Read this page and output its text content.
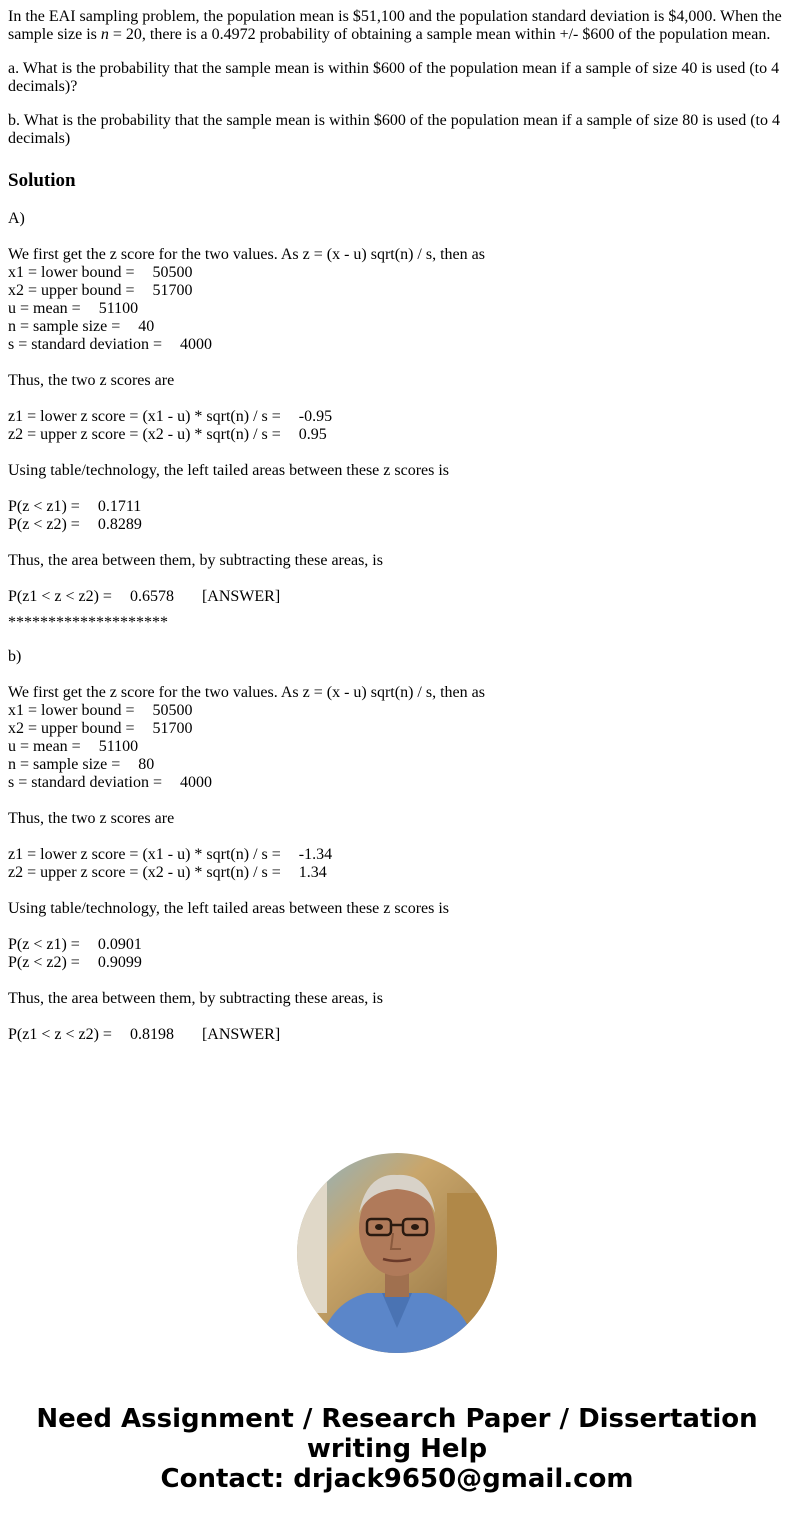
In the EAI sampling problem, the population mean is $51,100 and the population standard deviation is $4,000. When the sample size is n = 20, there is a 0.4972 probability of obtaining a sample mean within +/- $600 of the population mean.

a. What is the probability that the sample mean is within $600 of the population mean if a sample of size 40 is used (to 4 decimals)?

b. What is the probability that the sample mean is within $600 of the population mean if a sample of size 80 is used (to 4 decimals)

Solution
A)
We first get the z score for the two values. As z = (x - u) sqrt(n) / s, then as
x1 = lower bound = 50500
x2 = upper bound = 51700
u = mean = 51100
n = sample size = 40
s = standard deviation = 4000
Thus, the two z scores are
z1 = lower z score = (x1 - u) * sqrt(n) / s = -0.95
z2 = upper z score = (x2 - u) * sqrt(n) / s = 0.95
Using table/technology, the left tailed areas between these z scores is
P(z < z1) = 0.1711
P(z < z2) = 0.8289
Thus, the area between them, by subtracting these areas, is
P(z1 < z < z2) = 0.6578 [ANSWER]
********************
b)
We first get the z score for the two values. As z = (x - u) sqrt(n) / s, then as
x1 = lower bound = 50500
x2 = upper bound = 51700
u = mean = 51100
n = sample size = 80
s = standard deviation = 4000
Thus, the two z scores are
z1 = lower z score = (x1 - u) * sqrt(n) / s = -1.34
z2 = upper z score = (x2 - u) * sqrt(n) / s = 1.34
Using table/technology, the left tailed areas between these z scores is
P(z < z1) = 0.0901
P(z < z2) = 0.9099
Thus, the area between them, by subtracting these areas, is
P(z1 < z < z2) = 0.8198 [ANSWER]
Need Assignment / Research Paper / Dissertation
writing Help
Contact: drjack9650@gmail.com
